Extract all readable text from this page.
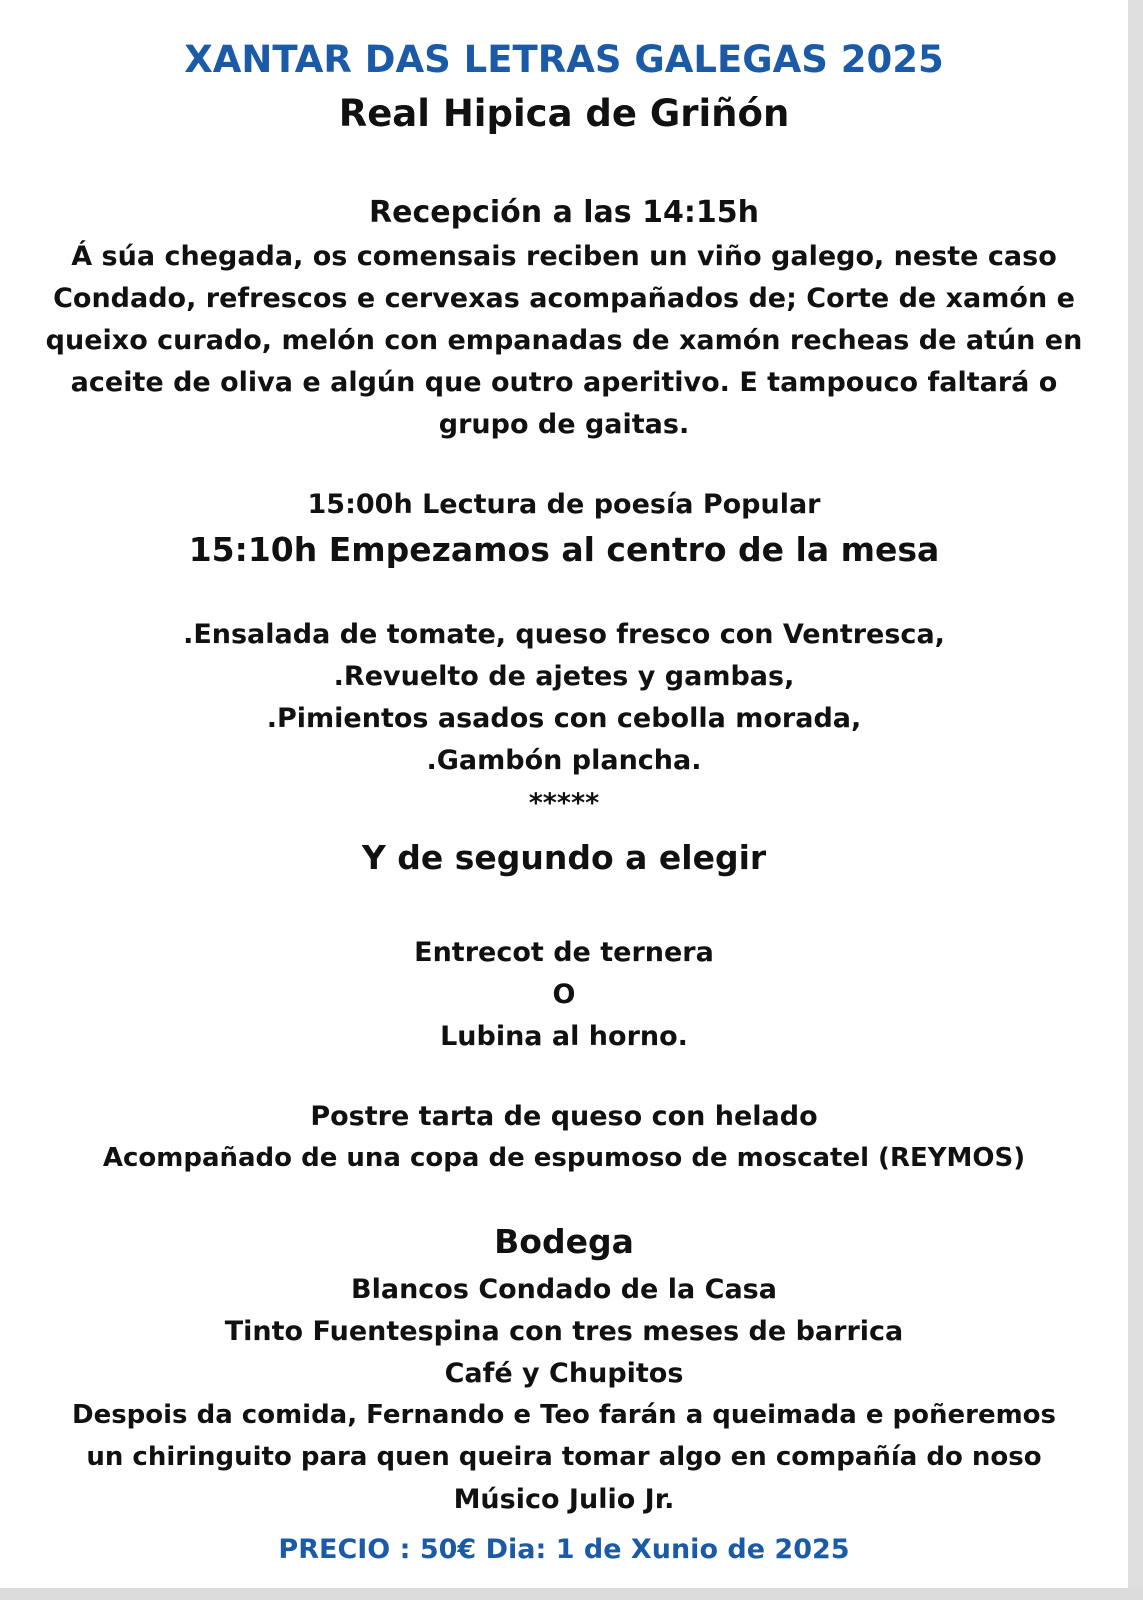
XANTAR DAS LETRAS GALEGAS 2025
Real Hipica de Griñón
Recepción a las 14:15h
Á súa chegada, os comensais reciben un viño galego, neste caso
Condado, refrescos e cervexas acompañados de; Corte de xamón e
queixo curado, melón con empanadas de xamón recheas de atún en
aceite de oliva e algún que outro aperitivo. E tampouco faltará o
grupo de gaitas.
15:00h Lectura de poesía Popular
15:10h Empezamos al centro de la mesa
.Ensalada de tomate, queso fresco con Ventresca,
.Revuelto de ajetes y gambas,
.Pimientos asados con cebolla morada,
.Gambón plancha.
*****
Y de segundo a elegir
Entrecot de ternera
O
Lubina al horno.
Postre tarta de queso con helado
Acompañado de una copa de espumoso de moscatel (REYMOS)
Bodega
Blancos Condado de la Casa
Tinto Fuentespina con tres meses de barrica
Café y Chupitos
Despois da comida, Fernando e Teo farán a queimada e poñeremos
un chiringuito para quen queira tomar algo en compañía do noso
Músico Julio Jr.
PRECIO : 50€ Dia: 1 de Xunio de 2025
